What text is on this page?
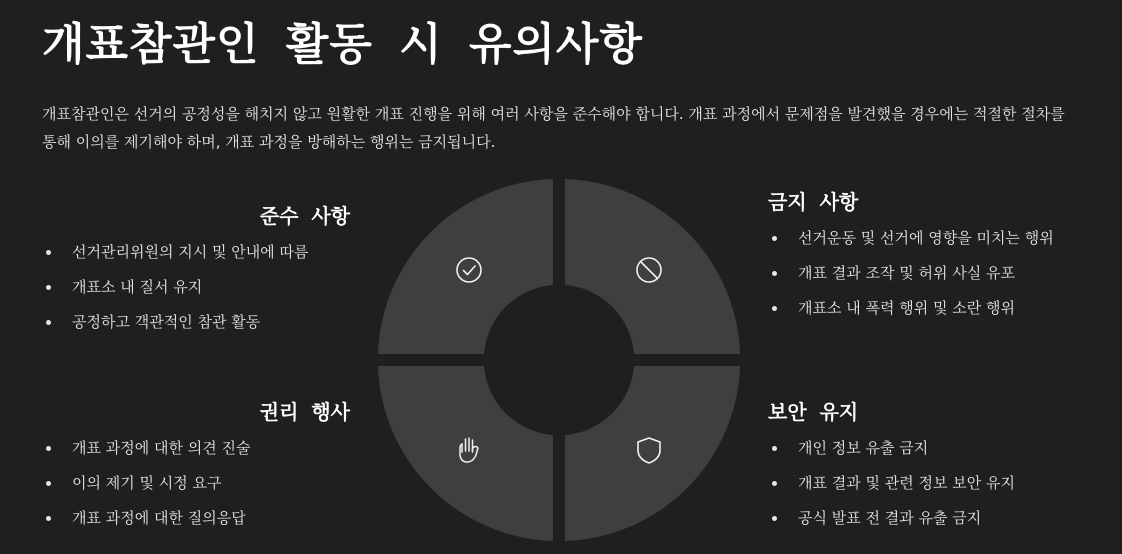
개표참관인 활동 시 유의사항
개표참관인은 선거의 공정성을 해치지 않고 원활한 개표 진행을 위해 여러 사항을 준수해야 합니다. 개표 과정에서 문제점을 발견했을 경우에는 적절한 절차를 통해 이의를 제기해야 하며, 개표 과정을 방해하는 행위는 금지됩니다.
준수 사항
선거관리위원의 지시 및 안내에 따름
개표소 내 질서 유지
공정하고 객관적인 참관 활동
권리 행사
개표 과정에 대한 의견 진술
이의 제기 및 시정 요구
개표 과정에 대한 질의응답
금지 사항
선거운동 및 선거에 영향을 미치는 행위
개표 결과 조작 및 허위 사실 유포
개표소 내 폭력 행위 및 소란 행위
보안 유지
개인 정보 유출 금지
개표 결과 및 관련 정보 보안 유지
공식 발표 전 결과 유출 금지
